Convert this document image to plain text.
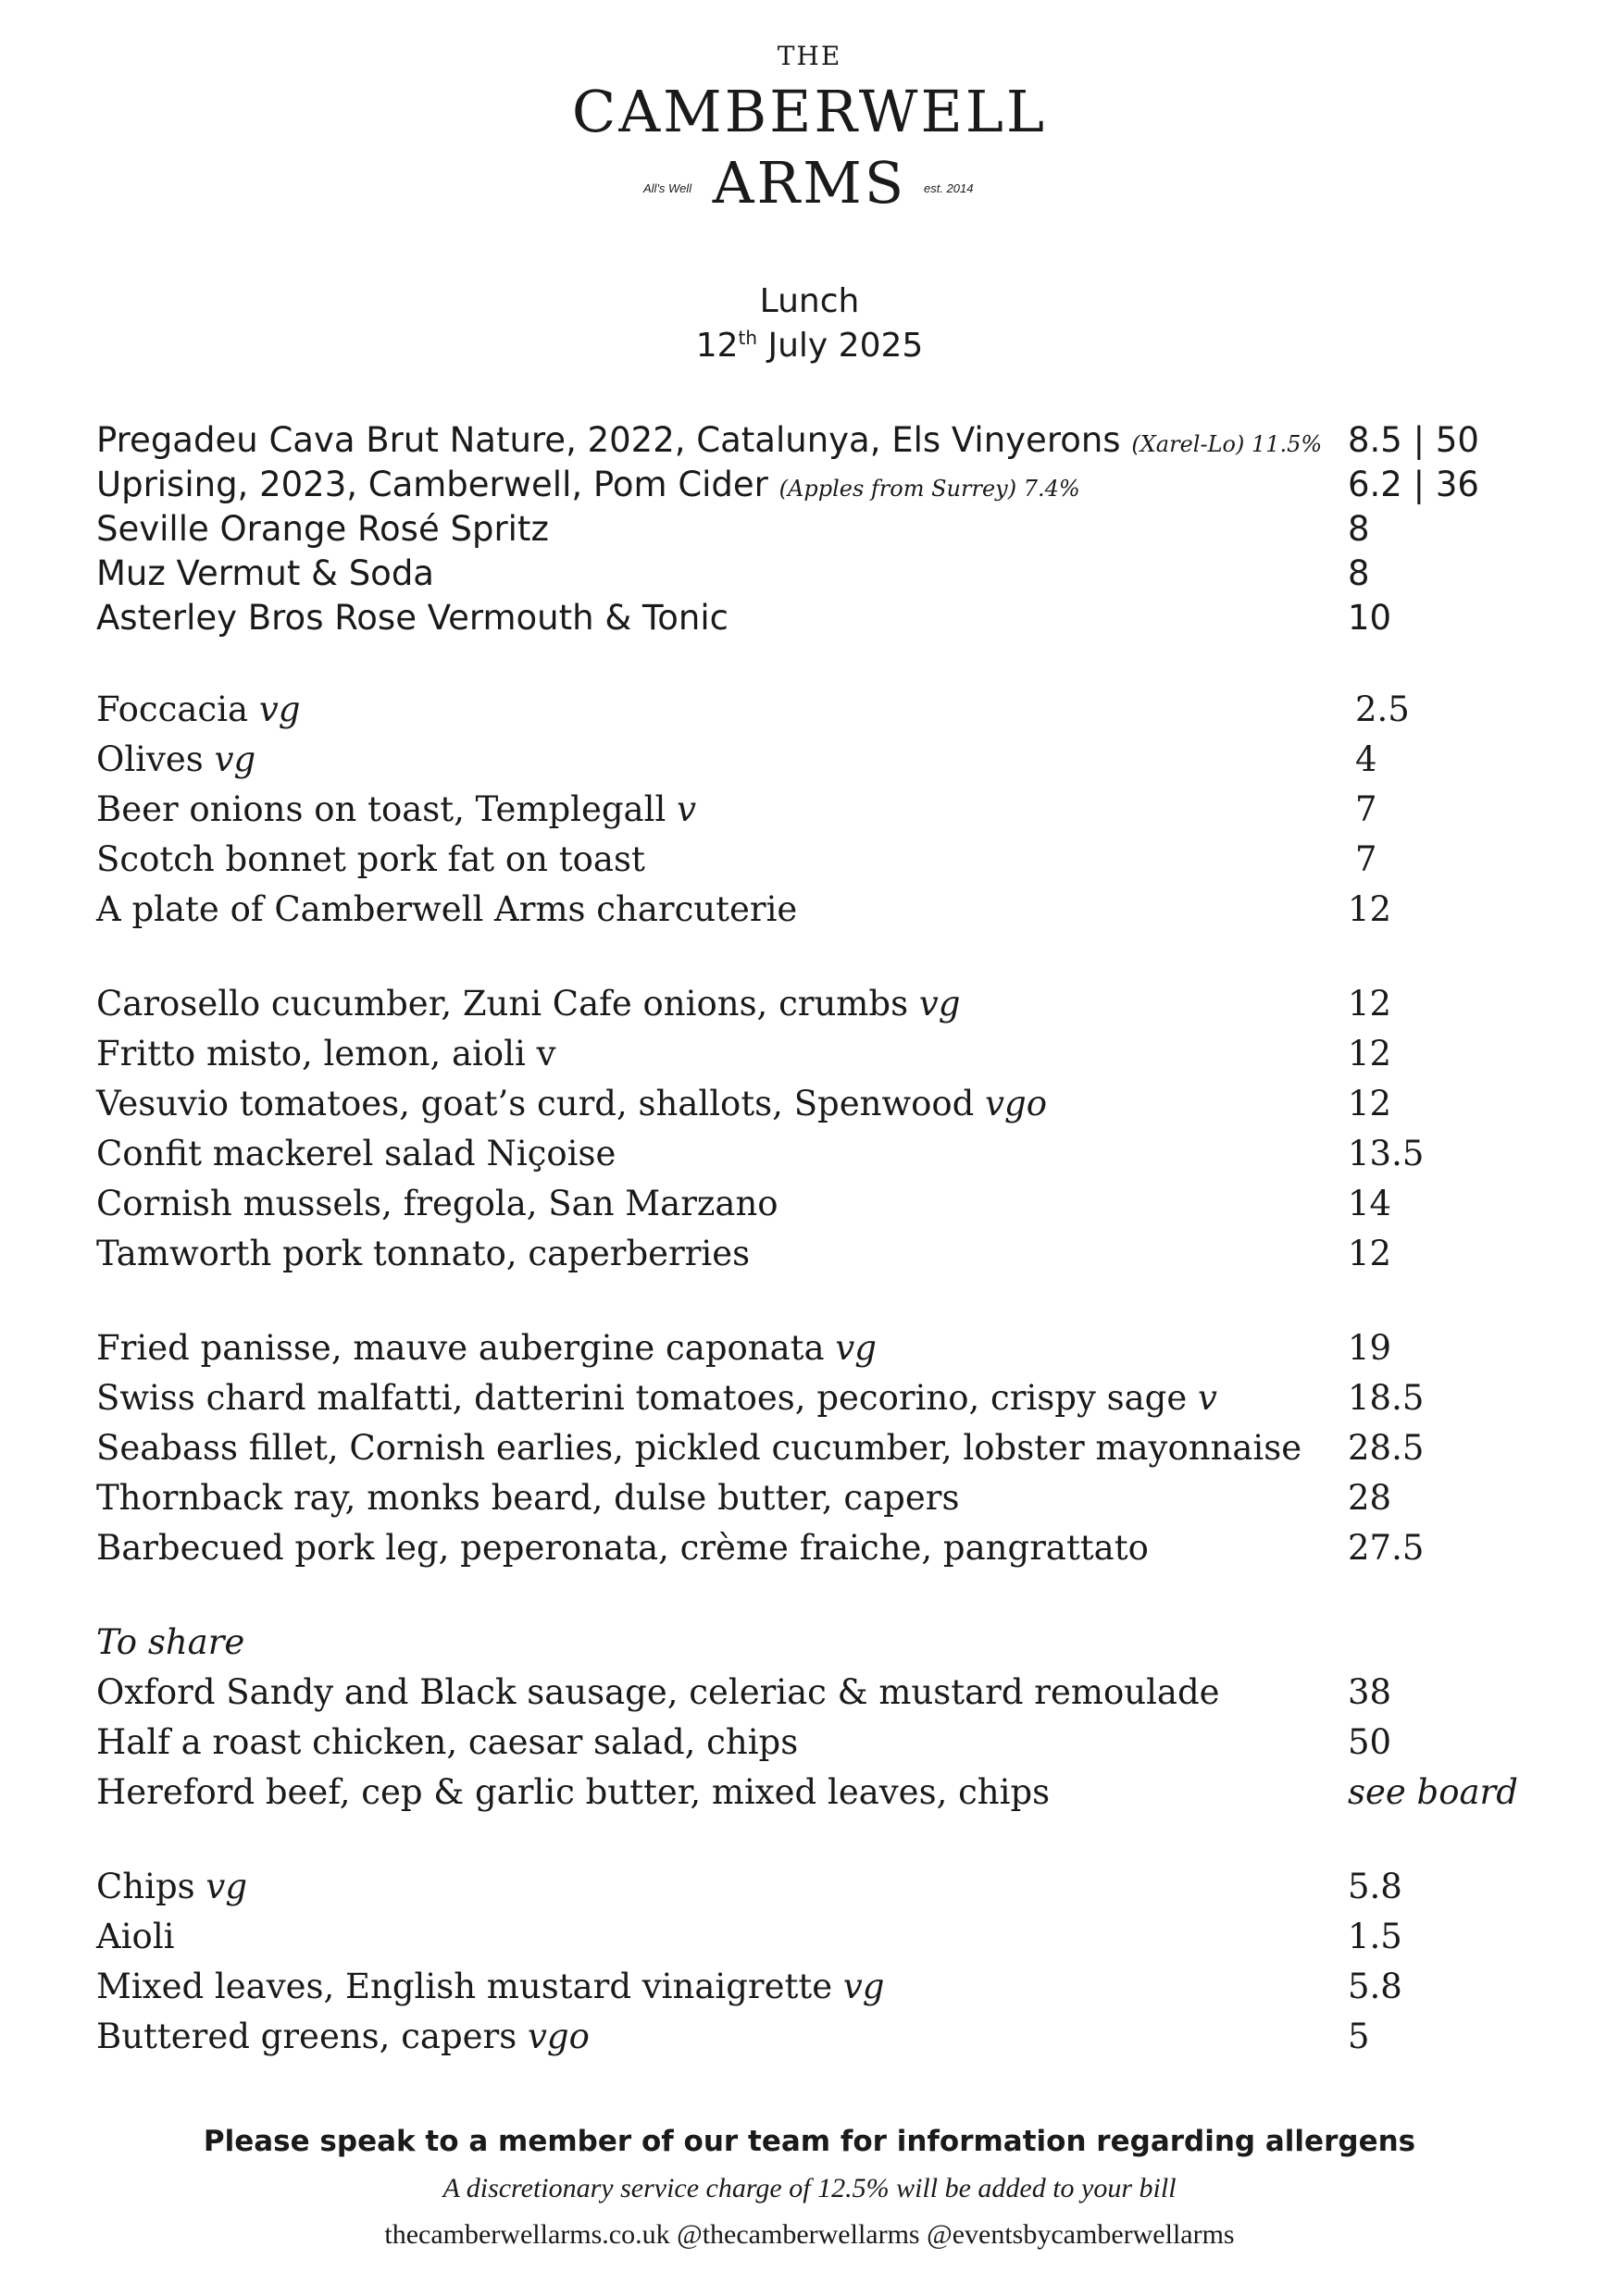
THE
CAMBERWELL
All's Well ARMS est. 2014
Lunch
12th July 2025
Pregadeu Cava Brut Nature, 2022, Catalunya, Els Vinyerons (Xarel-Lo) 11.5% 8.5 | 50
Uprising, 2023, Camberwell, Pom Cider (Apples from Surrey) 7.4%	6.2 | 36
Seville Orange Rosé Spritz	8
Muz Vermut & Soda	8
Asterley Bros Rose Vermouth & Tonic	10
Foccacia vg	2.5
Olives vg	4
Beer onions on toast, Templegall v	7
Scotch bonnet pork fat on toast	7
A plate of Camberwell Arms charcuterie	12
Carosello cucumber, Zuni Cafe onions, crumbs vg	12
Fritto misto, lemon, aioli v	12
Vesuvio tomatoes, goat’s curd, shallots, Spenwood vgo	12
Confit mackerel salad Niçoise	13.5
Cornish mussels, fregola, San Marzano	14
Tamworth pork tonnato, caperberries	12
Fried panisse, mauve aubergine caponata vg	19
Swiss chard malfatti, datterini tomatoes, pecorino, crispy sage v	18.5
Seabass fillet, Cornish earlies, pickled cucumber, lobster mayonnaise 28.5
Thornback ray, monks beard, dulse butter, capers	28
Barbecued pork leg, peperonata, crème fraiche, pangrattato	27.5
To share
Oxford Sandy and Black sausage, celeriac & mustard remoulade	38
Half a roast chicken, caesar salad, chips	50
Hereford beef, cep & garlic butter, mixed leaves, chips	see board
Chips vg	5.8
Aioli	1.5
Mixed leaves, English mustard vinaigrette vg	5.8
Buttered greens, capers vgo	5
Please speak to a member of our team for information regarding allergens
A discretionary service charge of 12.5% will be added to your bill
thecamberwellarms.co.uk @thecamberwellarms @eventsbycamberwellarms
